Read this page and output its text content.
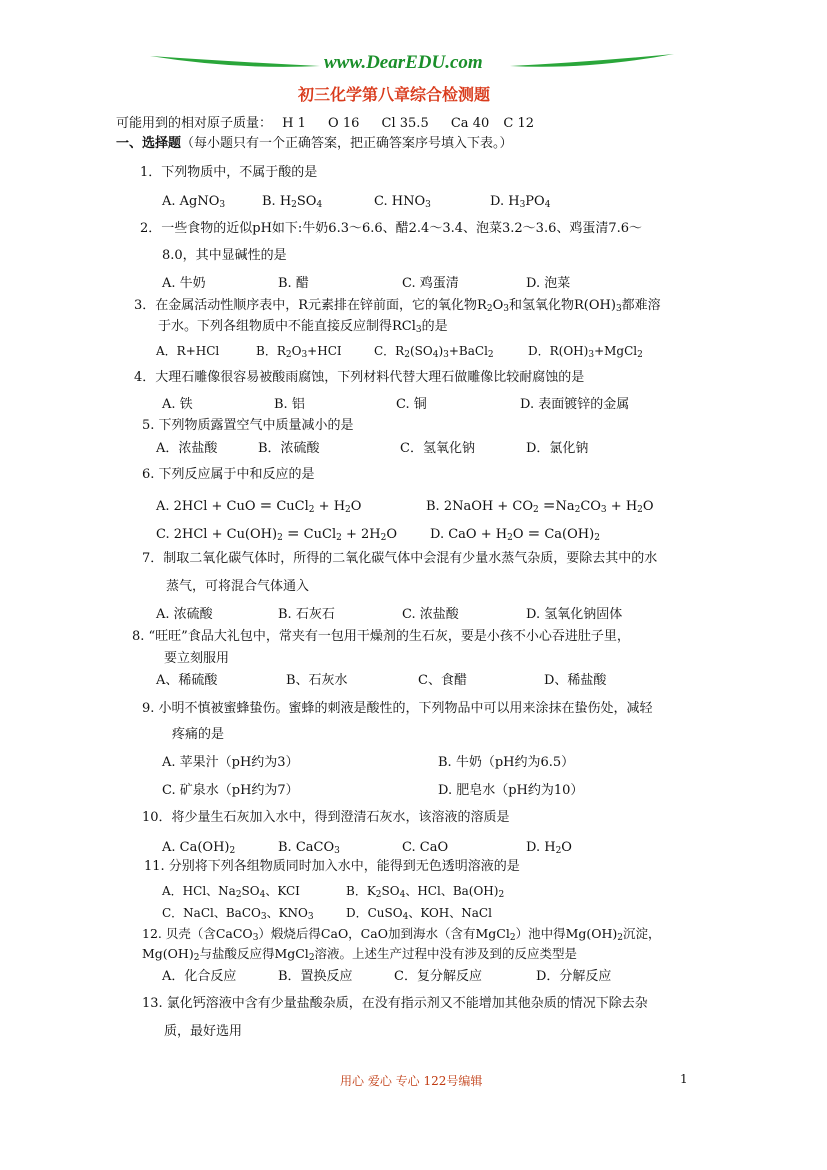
www.DearEDU.com
初三化学第八章综合检测题
可能用到的相对原子质量： H 1 O 16 Cl 35.5 Ca 40 C 12
一、选择题（每小题只有一个正确答案，把正确答案序号填入下表。）
1．下列物质中，不属于酸的是
A. AgNO$_3$	B. $H_2SO_4$	C. $HNO_3$	D. $H_3PO_4$
2．一些食物的近似pH如下:牛奶6.3～6.6、醋2.4～3.4、泡菜3.2～3.6、鸡蛋清7.6～
8.0，其中显碱性的是
A. 牛奶	B. 醋	C. 鸡蛋清	D. 泡菜
3．在金属活动性顺序表中，R元素排在锌前面，它的氧化物$R_2O_3$和氢氧化物$R(OH)_3$都难溶
于水。下列各组物质中不能直接反应制得RCl$_3$的是
A．R+HCl	B．$R_2O_3+HCI$	C．$R_2(SO_4)_3+BaCl_2$	D．$R(OH)_3+MgCl_2$
4．大理石雕像很容易被酸雨腐蚀，下列材料代替大理石做雕像比较耐腐蚀的是
A. 铁	B. 铝	C. 铜	D. 表面镀锌的金属
5. 下列物质露置空气中质量减小的是
A．浓盐酸	B．浓硫酸	C．氢氧化钠	D．氯化钠
6. 下列反应属于中和反应的是
A. 2HCl + CuO = CuCl$_2$ + $H_2O$	B. 2NaOH + $CO_2 =Na_2CO_3 + H_2O$
C. $2HCl + Cu(OH)_2$ = CuCl$_2$ + $2H_2O$	D. CaO + $H_2O = Ca(OH)_2$
7．制取二氧化碳气体时，所得的二氧化碳气体中会混有少量水蒸气杂质，要除去其中的水
蒸气，可将混合气体通入
A. 浓硫酸	B. 石灰石	C. 浓盐酸	D. 氢氧化钠固体
8. “旺旺”食品大礼包中，常夹有一包用干燥剂的生石灰，要是小孩不小心吞进肚子里，
要立刻服用
A、稀硫酸	B、石灰水	C、食醋	D、稀盐酸
9. 小明不慎被蜜蜂蛰伤。蜜蜂的刺液是酸性的，下列物品中可以用来涂抹在蛰伤处，减轻
疼痛的是
A. 苹果汁（pH约为3）	B. 牛奶（pH约为6.5）
C. 矿泉水（pH约为7）	D. 肥皂水（pH约为10）
10．将少量生石灰加入水中，得到澄清石灰水，该溶液的溶质是
A. $Ca(OH)_2$	B. CaCO$_3$	C. CaO	D. $H_2O$
11. 分别将下列各组物质同时加入水中，能得到无色透明溶液的是
A．HCl、$Na_2SO_4$、KCI	B．$K_2SO_4$、HCl、$Ba(OH)_2$
C．NaCl、BaCO$_3$、$KNO_3$	D．CuSO$_4$、KOH、NaCl
12. 贝壳（含CaCO$_3$）煅烧后得CaO，CaO加到海水（含有MgCl$_2$）池中得$Mg(OH)_2$沉淀，
$Mg(OH)_2$与盐酸反应得MgCl$_2$溶液。上述生产过程中没有涉及到的反应类型是
A．化合反应	B．置换反应	C．复分解反应	D．分解反应
13. 氯化钙溶液中含有少量盐酸杂质，在没有指示剂又不能增加其他杂质的情况下除去杂
质，最好选用
用心 爱心 专心 122号编辑	1
